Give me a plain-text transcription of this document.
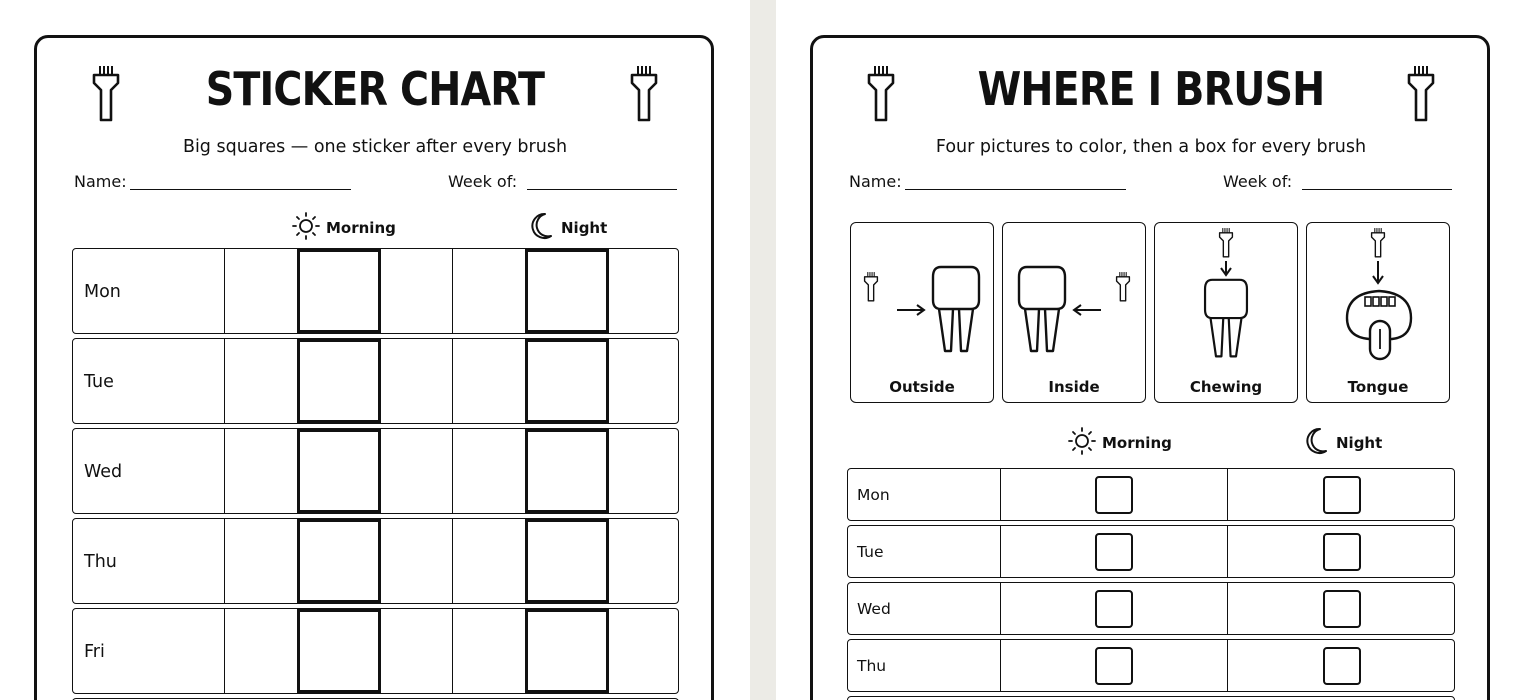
STICKER CHART
Big squares — one sticker after every brush
Name:	Week of:
Morning	Night
Mon
Tue
Wed
Thu
Fri
WHERE I BRUSH
Four pictures to color, then a box for every brush
Name:	Week of:
Outside	Inside	Chewing	Tongue
Morning	Night
Mon
Tue
Wed
Thu
